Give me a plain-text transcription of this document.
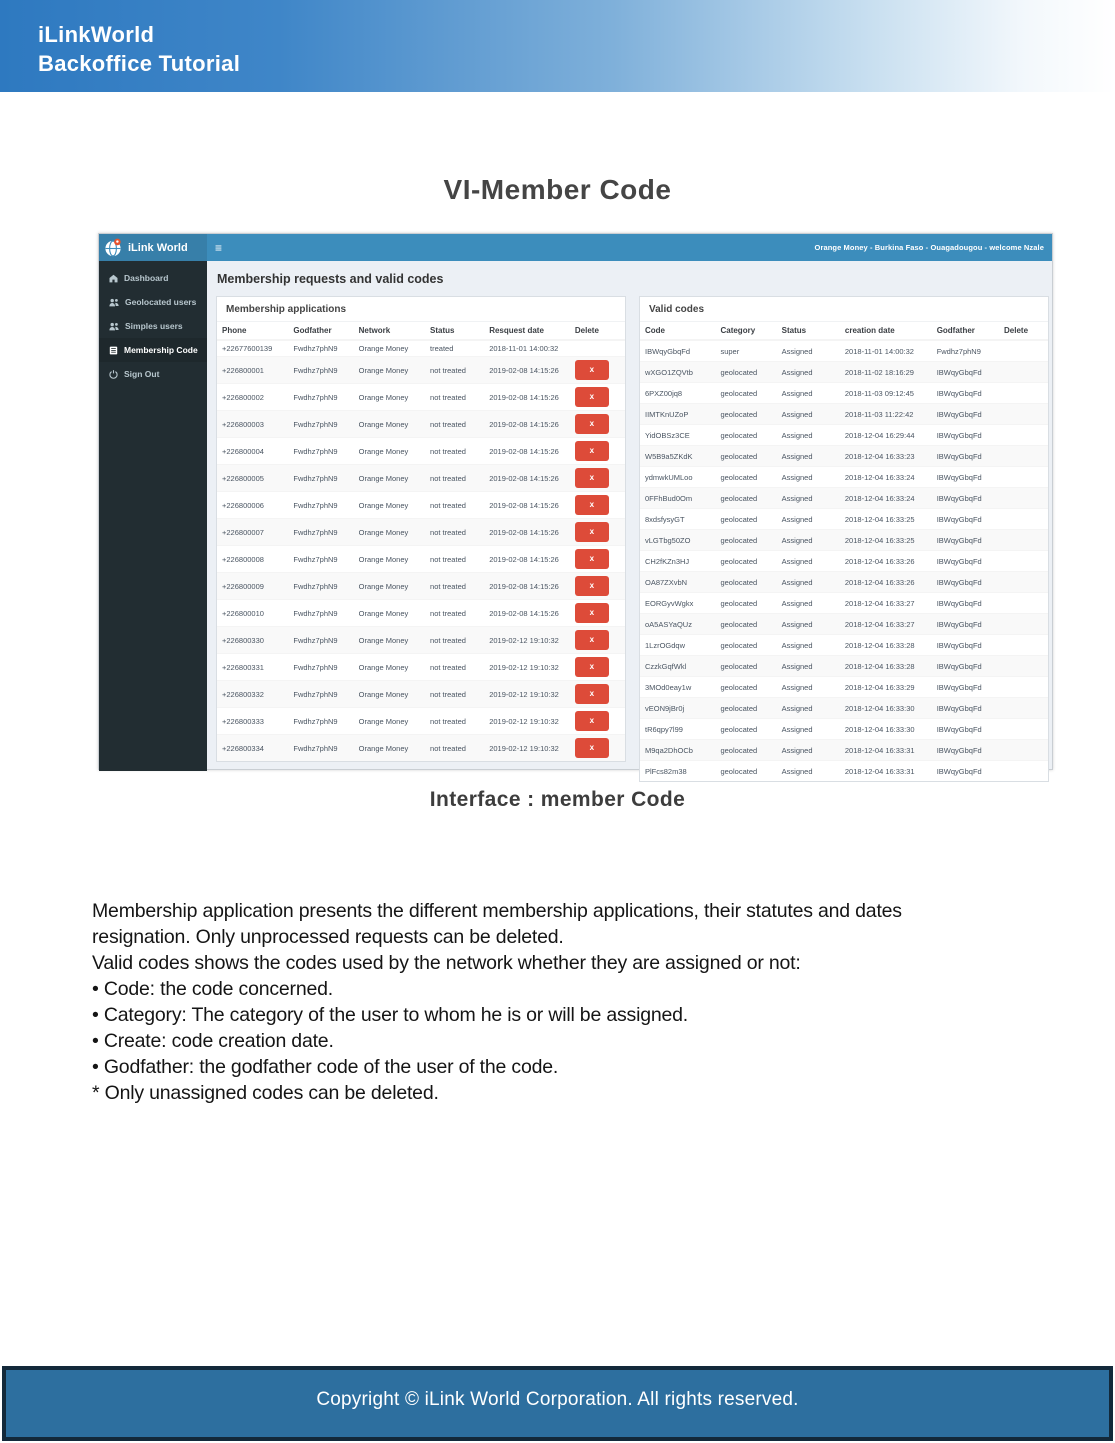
iLinkWorld
Backoffice Tutorial
VI-Member Code
iLink World ≡	Orange Money - Burkina Faso - Ouagadougou - welcome Nzale
Dashboard
Geolocated users
Simples users
Membership Code
Sign Out
Membership requests and valid codes
Membership applications
Phone	Godfather	Network	Status	Resquest date	Delete
+22677600139	Fwdhz7phN9	Orange Money	treated	2018-11-01 14:00:32	
+226800001	Fwdhz7phN9	Orange Money	not treated	2019-02-08 14:15:26	x

+226800002	Fwdhz7phN9	Orange Money	not treated	2019-02-08 14:15:26	x

+226800003	Fwdhz7phN9	Orange Money	not treated	2019-02-08 14:15:26	x

+226800004	Fwdhz7phN9	Orange Money	not treated	2019-02-08 14:15:26	x

+226800005	Fwdhz7phN9	Orange Money	not treated	2019-02-08 14:15:26	x

+226800006	Fwdhz7phN9	Orange Money	not treated	2019-02-08 14:15:26	x

+226800007	Fwdhz7phN9	Orange Money	not treated	2019-02-08 14:15:26	x

+226800008	Fwdhz7phN9	Orange Money	not treated	2019-02-08 14:15:26	x

+226800009	Fwdhz7phN9	Orange Money	not treated	2019-02-08 14:15:26	x

+226800010	Fwdhz7phN9	Orange Money	not treated	2019-02-08 14:15:26	x

+226800330	Fwdhz7phN9	Orange Money	not treated	2019-02-12 19:10:32	x

+226800331	Fwdhz7phN9	Orange Money	not treated	2019-02-12 19:10:32	x

+226800332	Fwdhz7phN9	Orange Money	not treated	2019-02-12 19:10:32	x

+226800333	Fwdhz7phN9	Orange Money	not treated	2019-02-12 19:10:32	x

+226800334	Fwdhz7phN9	Orange Money	not treated	2019-02-12 19:10:32	x
Valid codes
Code	Category	Status	creation date	Godfather	Delete
IBWqyGbqFd	super	Assigned	2018-11-01 14:00:32	Fwdhz7phN9	
wXGO1ZQVtb	geolocated	Assigned	2018-11-02 18:16:29	IBWqyGbqFd	
6PXZ00jq8	geolocated	Assigned	2018-11-03 09:12:45	IBWqyGbqFd	
IIMTKnUZoP	geolocated	Assigned	2018-11-03 11:22:42	IBWqyGbqFd	
YidOBSz3CE	geolocated	Assigned	2018-12-04 16:29:44	IBWqyGbqFd	
W5B9a5ZKdK	geolocated	Assigned	2018-12-04 16:33:23	IBWqyGbqFd	
ydmwkUMLoo	geolocated	Assigned	2018-12-04 16:33:24	IBWqyGbqFd	
0FFhBud0Om	geolocated	Assigned	2018-12-04 16:33:24	IBWqyGbqFd	
8xdsfysyGT	geolocated	Assigned	2018-12-04 16:33:25	IBWqyGbqFd	
vLGTbg50ZO	geolocated	Assigned	2018-12-04 16:33:25	IBWqyGbqFd	
CH2fKZn3HJ	geolocated	Assigned	2018-12-04 16:33:26	IBWqyGbqFd	
OA87ZXvbN	geolocated	Assigned	2018-12-04 16:33:26	IBWqyGbqFd	
EORGyvWgkx	geolocated	Assigned	2018-12-04 16:33:27	IBWqyGbqFd	
oA5ASYaQUz	geolocated	Assigned	2018-12-04 16:33:27	IBWqyGbqFd	
1LzrOGdqw	geolocated	Assigned	2018-12-04 16:33:28	IBWqyGbqFd	
CzzkGqfWkl	geolocated	Assigned	2018-12-04 16:33:28	IBWqyGbqFd	
3MOd0eay1w	geolocated	Assigned	2018-12-04 16:33:29	IBWqyGbqFd	
vEON9jBr0j	geolocated	Assigned	2018-12-04 16:33:30	IBWqyGbqFd	
tR6qpy7l99	geolocated	Assigned	2018-12-04 16:33:30	IBWqyGbqFd	
M9qa2DhOCb	geolocated	Assigned	2018-12-04 16:33:31	IBWqyGbqFd	
PlFcs82m38	geolocated	Assigned	2018-12-04 16:33:31	IBWqyGbqFd	
Interface : member Code

Membership application presents the different membership applications, their statutes and dates

resignation. Only unprocessed requests can be deleted.

Valid codes shows the codes used by the network whether they are assigned or not:

• Code: the code concerned.

• Category: The category of the user to whom he is or will be assigned.

• Create: code creation date.

• Godfather: the godfather code of the user of the code.

* Only unassigned codes can be deleted.

Copyright © iLink World Corporation. All rights reserved.
